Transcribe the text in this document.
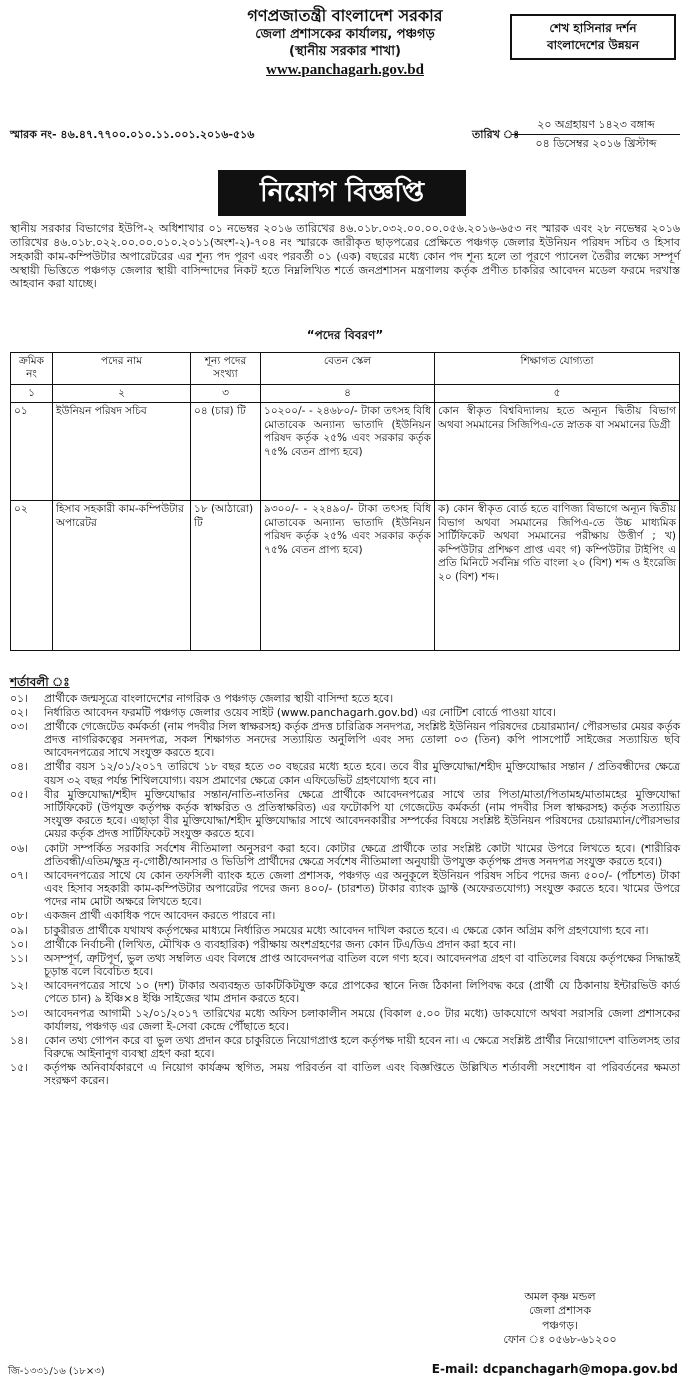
গণপ্রজাতন্ত্রী বাংলাদেশ সরকার
জেলা প্রশাসকের কার্যালয়, পঞ্চগড়
(স্থানীয় সরকার শাখা)
www.panchagarh.gov.bd
শেখ হাসিনার দর্শন
বাংলাদেশের উন্নয়ন
স্মারক নং- ৪৬.৪৭.৭৭০০.০১০.১১.০০১.২০১৬-৫১৬	তারিখ ঃ
২০ অগ্রহায়ণ ১৪২৩ বঙ্গাব্দ
০৪ ডিসেম্বর ২০১৬ খ্রিস্টাব্দ
নিয়োগ বিজ্ঞপ্তি
স্থানীয় সরকার বিভাগের ইউপি-২ অধিশাখার ০১ নভেম্বর ২০১৬ তারিখের ৪৬.০১৮.০৩২.০০.০০.০৫৬.২০১৬-৬৫৩ নং স্মারক এবং ২৮ নভেম্বর ২০১৬ তারিখের ৪৬.০১৮.০২২.০০.০০.০১০.২০১১(অংশ-২)-৭০৪ নং স্মারকে জারীকৃত ছাড়পত্রের প্রেক্ষিতে পঞ্চগড় জেলার ইউনিয়ন পরিষদ সচিব ও হিসাব সহকারী কাম-কম্পিউটার অপারেটরের এর শূন্য পদ পূরণ এবং পরবর্তী ০১ (এক) বছরের মধ্যে কোন পদ শূন্য হলে তা পূরণে প্যানেল তৈরীর লক্ষ্যে সম্পূর্ণ অস্থায়ী ভিত্তিতে পঞ্চগড় জেলার স্থায়ী বাসিন্দাদের নিকট হতে নিম্নলিখিত শর্তে জনপ্রশাসন মন্ত্রণালয় কর্তৃক প্রণীত চাকরির আবেদন মডেল ফরমে দরখাস্ত আহবান করা যাচ্ছে।
“পদের বিবরণ”
ক্রমিক নং	পদের নাম	শূন্য পদের সংখ্যা	বেতন স্কেল	শিক্ষাগত যোগ্যতা
১	২	৩	৪	৫
০১	ইউনিয়ন পরিষদ সচিব	০৪ (চার) টি	১০২০০/- - ২৪৬৮০/- টাকা তৎসহ বিধি মোতাবেক অন্যান্য ভাতাদি (ইউনিয়ন পরিষদ কর্তৃক ২৫% এবং সরকার কর্তৃক ৭৫% বেতন প্রাপ্য হবে)	কোন স্বীকৃত বিশ্ববিদ্যালয় হতে অন্যূন দ্বিতীয় বিভাগ অথবা সমমানের সিজিপিএ-তে স্নাতক বা সমমানের ডিগ্রী
০২	হিসাব সহকারী কাম-কম্পিউটার অপারেটর	১৮ (আঠারো) টি	৯৩০০/- - ২২৪৯০/- টাকা তৎসহ বিধি মোতাবেক অন্যান্য ভাতাদি (ইউনিয়ন পরিষদ কর্তৃক ২৫% এবং সরকার কর্তৃক ৭৫% বেতন প্রাপ্য হবে)	ক) কোন স্বীকৃত বোর্ড হতে বাণিজ্য বিভাগে অন্যূন দ্বিতীয় বিভাগ অথবা সমমানের জিপিএ-তে উচ্চ মাধ্যমিক সার্টিফিকেট অথবা সমমানের পরীক্ষায় উত্তীর্ণ ; খ) কম্পিউটার প্রশিক্ষণ প্রাপ্ত এবং গ) কম্পিউটার টাইপিং এ প্রতি মিনিটে সর্বনিম্ন গতি বাংলা ২০ (বিশ) শব্দ ও ইংরেজি ২০ (বিশ) শব্দ।
শর্তাবলী ঃ
০১।	প্রার্থীকে জন্মসূত্রে বাংলাদেশের নাগরিক ও পঞ্চগড় জেলার স্থায়ী বাসিন্দা হতে হবে।
০২।	নির্ধারিত আবেদন ফরমটি পঞ্চগড় জেলার ওয়েব সাইট (www.panchagarh.gov.bd) এর নোটিশ বোর্ডে পাওয়া যাবে।
০৩।	প্রার্থীকে গেজেটেড কর্মকর্তা (নাম পদবীর সিল স্বাক্ষরসহ) কর্তৃক প্রদত্ত চারিত্রিক সনদপত্র, সংশ্লিষ্ট ইউনিয়ন পরিষদের চেয়ারম্যান/ পৌরসভার মেয়র কর্তৃক প্রদত্ত নাগরিকত্বের সনদপত্র, সকল শিক্ষাগত সনদের সত্যায়িত অনুলিপি এবং সদ্য তোলা ০৩ (তিন) কপি পাসপোর্ট সাইজের সত্যায়িত ছবি আবেদনপত্রের সাথে সংযুক্ত করতে হবে।
০৪।	প্রার্থীর বয়স ১২/০১/২০১৭ তারিখে ১৮ বছর হতে ৩০ বছরের মধ্যে হতে হবে। তবে বীর মুক্তিযোদ্ধা/শহীদ মুক্তিযোদ্ধার সন্তান / প্রতিবন্ধীদের ক্ষেত্রে বয়স ৩২ বছর পর্যন্ত শিথিলযোগ্য। বয়স প্রমাণের ক্ষেত্রে কোন এফিডেভিট গ্রহণযোগ্য হবে না।
০৫।	বীর মুক্তিযোদ্ধা/শহীদ মুক্তিযোদ্ধার সন্তান/নাতি-নাতনির ক্ষেত্রে প্রার্থীকে আবেদনপত্রের সাথে তার পিতা/মাতা/পিতামহ/মাতামহের মুক্তিযোদ্ধা সার্টিফিকেট (উপযুক্ত কর্তৃপক্ষ কর্তৃক স্বাক্ষরিত ও প্রতিস্বাক্ষরিত) এর ফটোকপি যা গেজেটেড কর্মকর্তা (নাম পদবীর সিল স্বাক্ষরসহ) কর্তৃক সত্যায়িত সংযুক্ত করতে হবে। এছাড়া বীর মুক্তিযোদ্ধা/শহীদ মুক্তিযোদ্ধার সাথে আবেদনকারীর সম্পর্কের বিষয়ে সংশ্লিষ্ট ইউনিয়ন পরিষদের চেয়ারম্যান/পৌরসভার মেয়র কর্তৃক প্রদত্ত সার্টিফিকেট সংযুক্ত করতে হবে।
০৬।	কোটা সম্পর্কিত সরকারি সর্বশেষ নীতিমালা অনুসরণ করা হবে। কোটার ক্ষেত্রে প্রার্থীকে তার সংশ্লিষ্ট কোটা খামের উপরে লিখতে হবে। (শারীরিক প্রতিবন্ধী/এতিম/ক্ষুদ্র নৃ-গোষ্ঠী/আনসার ও ভিডিপি প্রার্থীদের ক্ষেত্রে সর্বশেষ নীতিমালা অনুযায়ী উপযুক্ত কর্তৃপক্ষ প্রদত্ত সনদপত্র সংযুক্ত করতে হবে।)
০৭।	আবেদনপত্রের সাথে যে কোন তফসিলী ব্যাংক হতে জেলা প্রশাসক, পঞ্চগড় এর অনুকূলে ইউনিয়ন পরিষদ সচিব পদের জন্য ৫০০/- (পাঁচশত) টাকা এবং হিসাব সহকারী কাম-কম্পিউটার অপারেটর পদের জন্য ৪০০/- (চারশত) টাকার ব্যাংক ড্রাফ্ট (অফেরতযোগ্য) সংযুক্ত করতে হবে। খামের উপরে পদের নাম মোটা অক্ষরে লিখতে হবে।
০৮।	একজন প্রার্থী একাধিক পদে আবেদন করতে পারবে না।
০৯।	চাকুরীরত প্রার্থীকে যথাযথ কর্তৃপক্ষের মাধ্যমে নির্ধারিত সময়ের মধ্যে আবেদন দাখিল করতে হবে। এ ক্ষেত্রে কোন অগ্রিম কপি গ্রহণযোগ্য হবে না।
১০।	প্রার্থীকে নির্বাচনী (লিখিত, মৌখিক ও ব্যবহারিক) পরীক্ষায় অংশগ্রহণের জন্য কোন টিএ/ডিএ প্রদান করা হবে না।
১১।	অসম্পূর্ণ, ত্রুটিপূর্ণ, ভুল তথ্য সম্বলিত এবং বিলম্বে প্রাপ্ত আবেদনপত্র বাতিল বলে গণ্য হবে। আবেদনপত্র গ্রহণ বা বাতিলের বিষয়ে কর্তৃপক্ষের সিদ্ধান্তই চূড়ান্ত বলে বিবেচিত হবে।
১২।	আবেদনপত্রের সাথে ১০ (দশ) টাকার অব্যবহৃত ডাকটিকিটযুক্ত করে প্রাপকের স্থানে নিজ ঠিকানা লিপিবদ্ধ করে (প্রার্থী যে ঠিকানায় ইন্টারভিউ কার্ড পেতে চান) ৯ ইঞ্চি×৪ ইঞ্চি সাইজের খাম প্রদান করতে হবে।
১৩।	আবেদনপত্র আগামী ১২/০১/২০১৭ তারিখের মধ্যে অফিস চলাকালীন সময়ে (বিকাল ৫.০০ টার মধ্যে) ডাকযোগে অথবা সরাসরি জেলা প্রশাসকের কার্যালয়, পঞ্চগড় এর জেলা ই-সেবা কেন্দ্রে পৌঁছাতে হবে।
১৪।	কোন তথ্য গোপন করে বা ভুল তথ্য প্রদান করে চাকুরিতে নিয়োগপ্রাপ্ত হলে কর্তৃপক্ষ দায়ী হবেন না। এ ক্ষেত্রে সংশ্লিষ্ট প্রার্থীর নিয়োগাদেশ বাতিলসহ তার বিরুদ্ধে আইনানুগ ব্যবস্থা গ্রহণ করা হবে।
১৫।	কর্তৃপক্ষ অনিবার্যকারণে এ নিয়োগ কার্যক্রম স্থগিত, সময় পরিবর্তন বা বাতিল এবং বিজ্ঞপ্তিতে উল্লিখিত শর্তাবলী সংশোধন বা পরিবর্তনের ক্ষমতা সংরক্ষণ করেন।
অমল কৃষ্ণ মন্ডল
জেলা প্রশাসক
পঞ্চগড়।
ফোন ঃ ০৫৬৮-৬১২০০
জি-১৩৩১/১৬ (১৮×৩)	E-mail: dcpanchagarh@mopa.gov.bd
